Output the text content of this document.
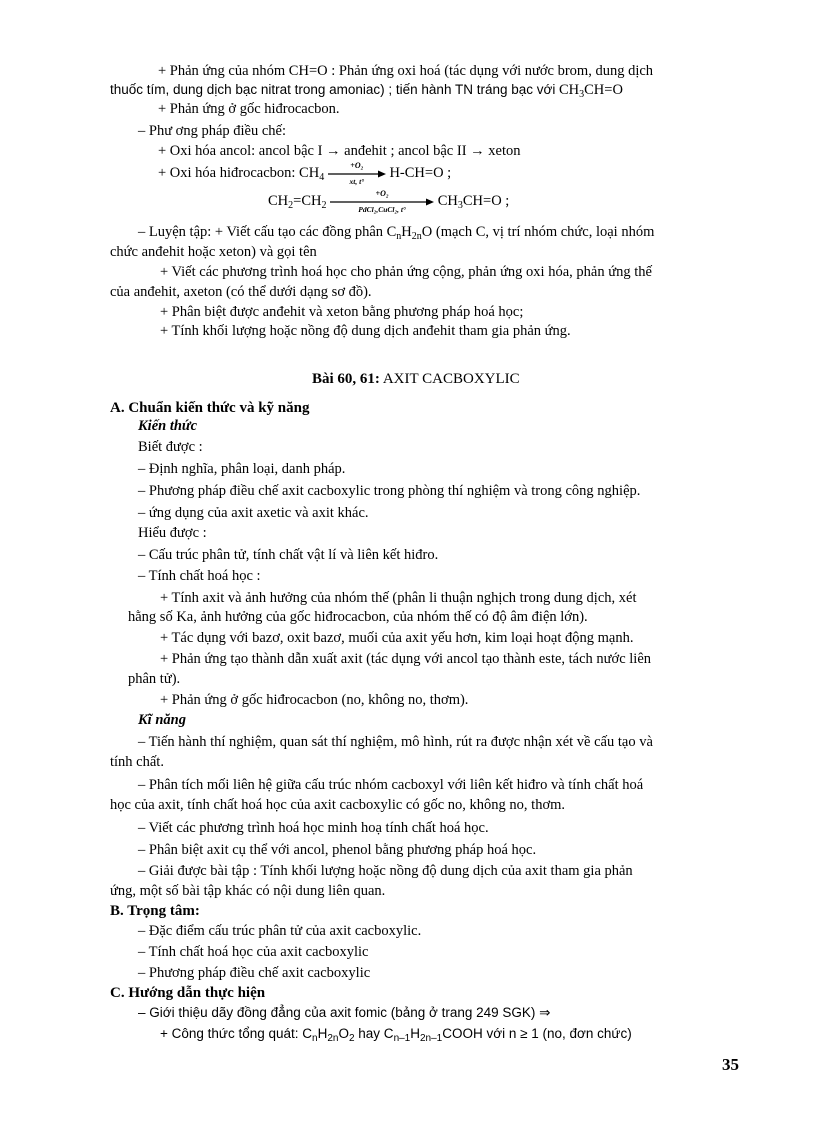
+ Phản ứng của nhóm CH=O : Phản ứng oxi hoá (tác dụng với nước brom, dung dịch
thuốc tím, dung dịch bạc nitrat trong amoniac) ; tiến hành TN tráng bạc với $CH_3CH=O$
+ Phản ứng ở gốc hiđrocacbon.
– Phư ơng pháp điều chế:
+ Oxi hóa ancol: ancol bậc I → anđehit ; ancol bậc II → xeton
+ Oxi hóa hiđrocacbon: $CH_4$
+O₂
xt, t°
H-CH=O ;
$CH_2=CH_2$
+O₂
PdCl₂,CuCl₂, t°
$CH_3CH=O$ ;
– Luyện tập: + Viết cấu tạo các đồng phân $C_nH_{2n}O$ (mạch C, vị trí nhóm chức, loại nhóm
chức anđehit hoặc xeton) và gọi tên
+ Viết các phương trình hoá học cho phản ứng cộng, phản ứng oxi hóa, phản ứng thế
của anđehit, axeton (có thể dưới dạng sơ đồ).
+ Phân biệt được anđehit và xeton bằng phương pháp hoá học;
+ Tính khối lượng hoặc nồng độ dung dịch anđehit tham gia phản ứng.
Bài 60, 61: AXIT CACBOXYLIC
A. Chuẩn kiến thức và kỹ năng
Kiến thức
Biết được :
– Định nghĩa, phân loại, danh pháp.
– Phương pháp điều chế axit cacboxylic trong phòng thí nghiệm và trong công nghiệp.
– ứng dụng của axit axetic và axit khác.
Hiểu được :
– Cấu trúc phân tử, tính chất vật lí và liên kết hiđro.
– Tính chất hoá học :
+ Tính axit và ảnh hưởng của nhóm thế (phân li thuận nghịch trong dung dịch, xét
hằng số Ka, ảnh hưởng của gốc hiđrocacbon, của nhóm thế có độ âm điện lớn).
+ Tác dụng với bazơ, oxit bazơ, muối của axit yếu hơn, kim loại hoạt động mạnh.
+ Phản ứng tạo thành dẫn xuất axit (tác dụng với ancol tạo thành este, tách nước liên
phân tử).
+ Phản ứng ở gốc hiđrocacbon (no, không no, thơm).
Kĩ năng
– Tiến hành thí nghiệm, quan sát thí nghiệm, mô hình, rút ra được nhận xét về cấu tạo và
tính chất.
– Phân tích mối liên hệ giữa cấu trúc nhóm cacboxyl với liên kết hiđro và tính chất hoá
học của axit, tính chất hoá học của axit cacboxylic có gốc no, không no, thơm.
– Viết các phương trình hoá học minh hoạ tính chất hoá học.
– Phân biệt axit cụ thể với ancol, phenol bằng phương pháp hoá học.
– Giải được bài tập : Tính khối lượng hoặc nồng độ dung dịch của axit tham gia phản
ứng, một số bài tập khác có nội dung liên quan.
B. Trọng tâm:
– Đặc điểm cấu trúc phân tử của axit cacboxylic.
– Tính chất hoá học của axit cacboxylic
– Phương pháp điều chế axit cacboxylic
C. Hướng dẫn thực hiện
– Giới thiệu dãy đồng đẳng của axit fomic (bảng ở trang 249 SGK) ⇒
+ Công thức tổng quát: $C_nH_{2n}O_2$ hay $C_{n-1}H_{2n-1}COOH$ với n ≥ 1 (no, đơn chức)
35
